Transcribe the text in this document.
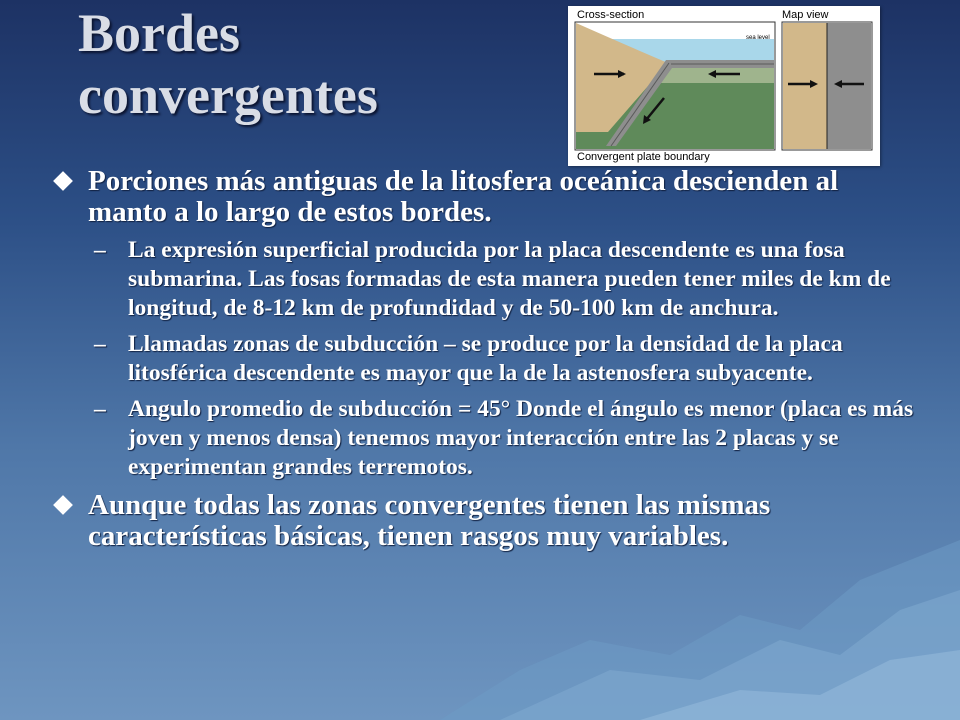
Bordes
convergentes
Cross-section
sea level
Convergent plate boundary
Map view
Porciones más antiguas de la litosfera oceánica descienden al manto a lo largo de estos bordes.
– La expresión superficial producida por la placa descendente es una fosa submarina. Las fosas formadas de esta manera pueden tener miles de km de longitud, de 8-12 km de profundidad y de 50-100 km de anchura.
– Llamadas zonas de subducción – se produce por la densidad de la placa litosférica descendente es mayor que la de la astenosfera subyacente.
– Angulo promedio de subducción = 45° Donde el ángulo es menor (placa es más joven y menos densa) tenemos mayor interacción entre las 2 placas y se experimentan grandes terremotos.
Aunque todas las zonas convergentes tienen las mismas características básicas, tienen rasgos muy variables.
